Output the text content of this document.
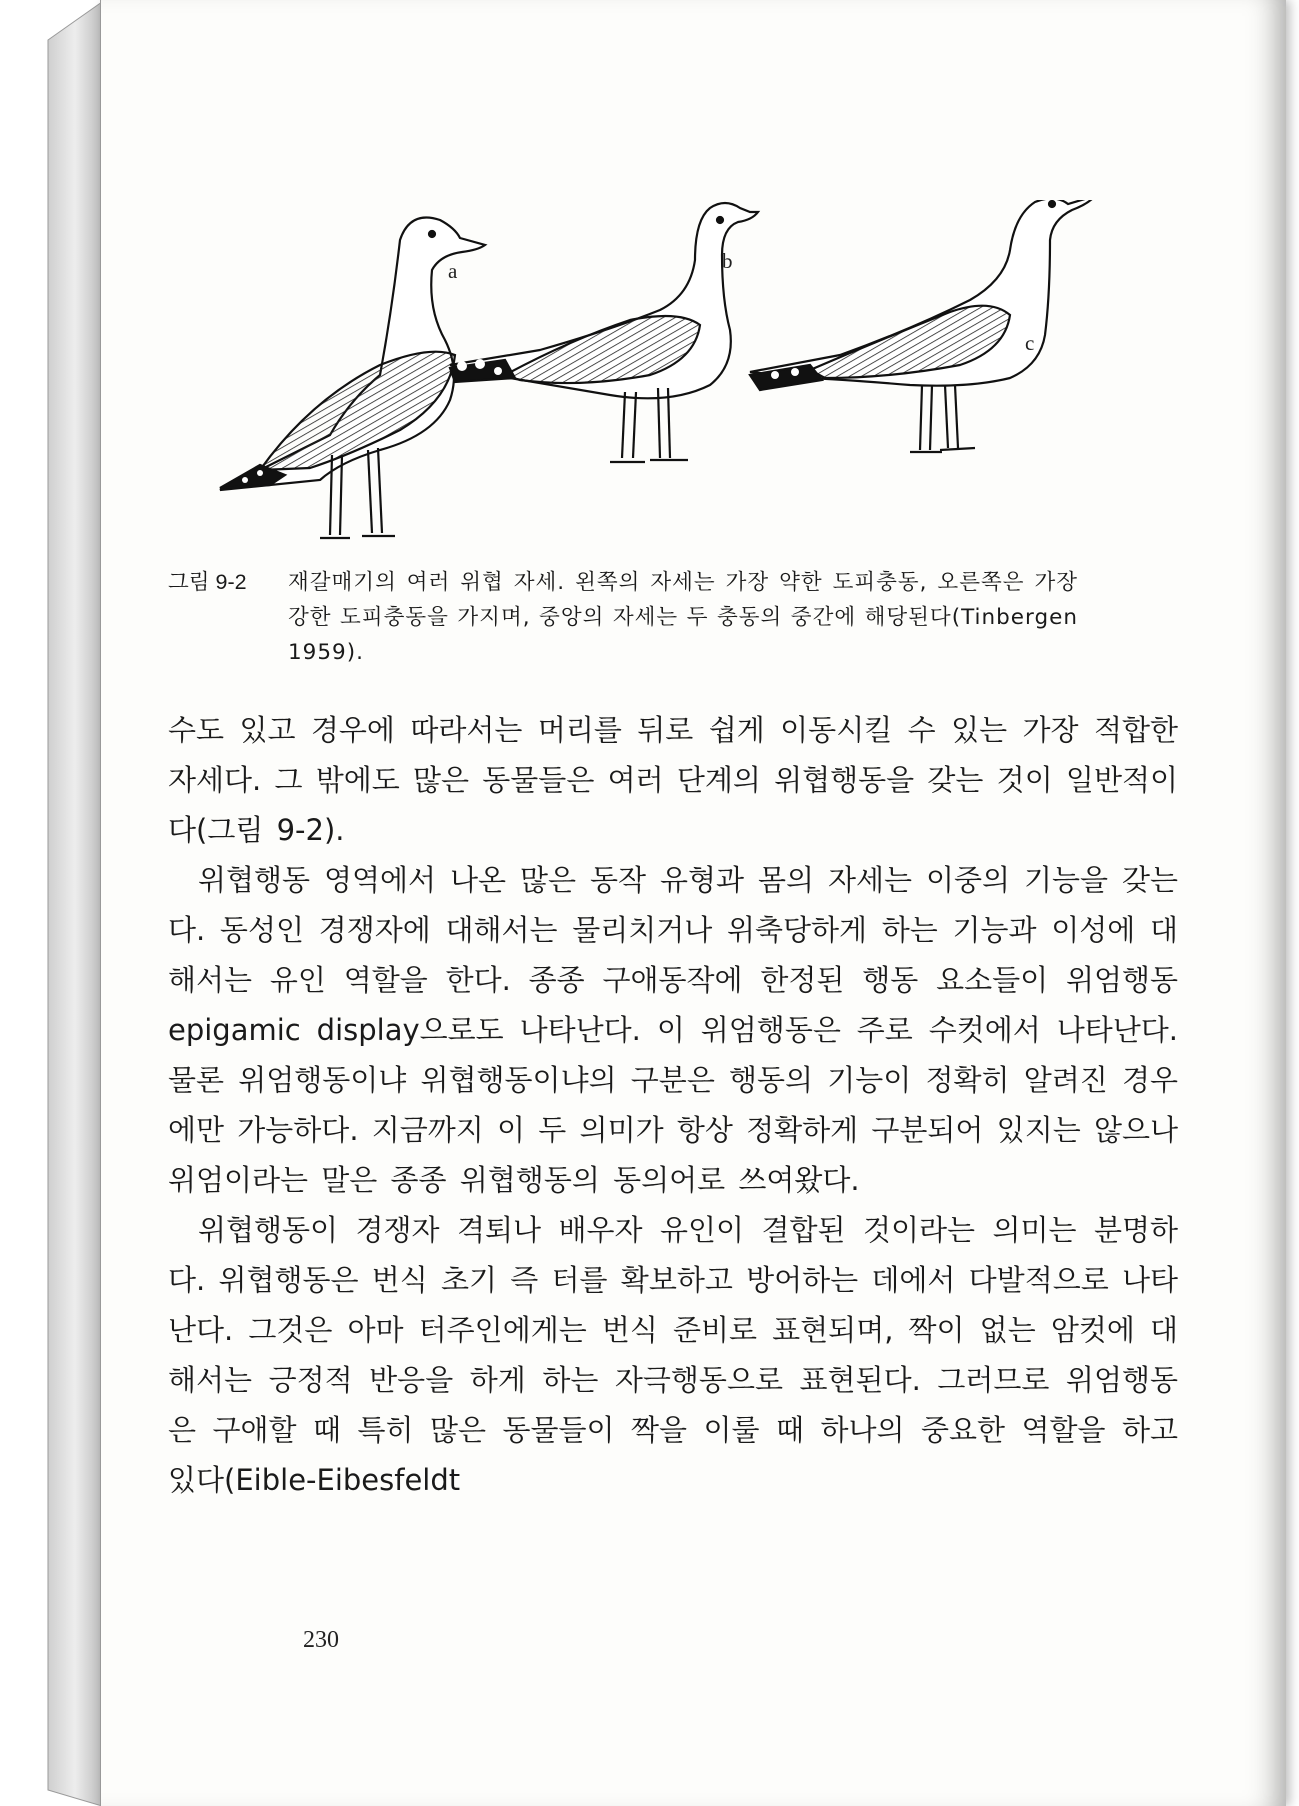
a	b
c
그림 9-2 재갈매기의 여러 위협 자세. 왼쪽의 자세는 가장 약한 도피충동, 오른쪽은 가장 강한 도피충동을 가지며, 중앙의 자세는 두 충동의 중간에 해당된다(Tinbergen 1959).

수도 있고 경우에 따라서는 머리를 뒤로 쉽게 이동시킬 수 있는 가장 적합한 자세다. 그 밖에도 많은 동물들은 여러 단계의 위협행동을 갖는 것이 일반적이다(그림 9-2).

위협행동 영역에서 나온 많은 동작 유형과 몸의 자세는 이중의 기능을 갖는다. 동성인 경쟁자에 대해서는 물리치거나 위축당하게 하는 기능과 이성에 대해서는 유인 역할을 한다. 종종 구애동작에 한정된 행동 요소들이 위엄행동epigamic display으로도 나타난다. 이 위엄행동은 주로 수컷에서 나타난다. 물론 위엄행동이냐 위협행동이냐의 구분은 행동의 기능이 정확히 알려진 경우에만 가능하다. 지금까지 이 두 의미가 항상 정확하게 구분되어 있지는 않으나 위엄이라는 말은 종종 위협행동의 동의어로 쓰여왔다.

위협행동이 경쟁자 격퇴나 배우자 유인이 결합된 것이라는 의미는 분명하다. 위협행동은 번식 초기 즉 터를 확보하고 방어하는 데에서 다발적으로 나타난다. 그것은 아마 터주인에게는 번식 준비로 표현되며, 짝이 없는 암컷에 대해서는 긍정적 반응을 하게 하는 자극행동으로 표현된다. 그러므로 위엄행동은 구애할 때 특히 많은 동물들이 짝을 이룰 때 하나의 중요한 역할을 하고 있다(Eible-Eibesfeldt

230
